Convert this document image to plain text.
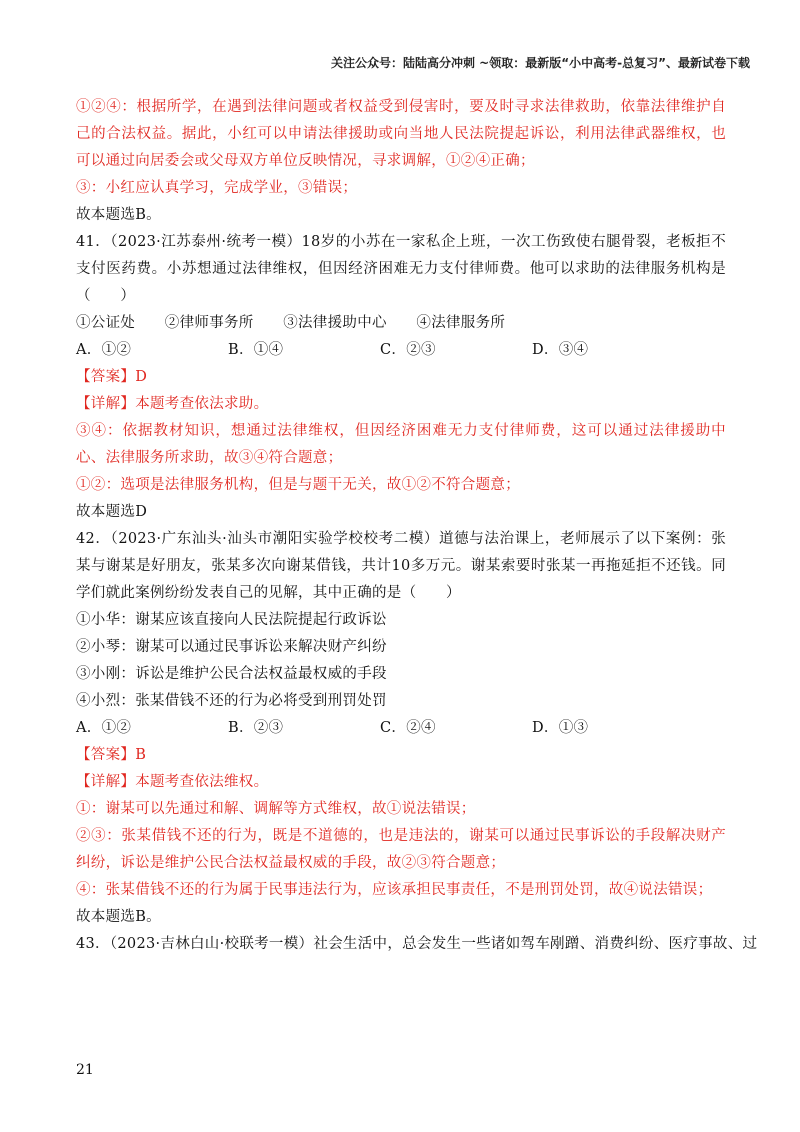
关注公众号：陆陆高分冲刺 ~领取：最新版“小中高考-总复习”、最新试卷下载
①②④：根据所学，在遇到法律问题或者权益受到侵害时，要及时寻求法律救助，依靠法律维护自己的合法权益。据此，小红可以申请法律援助或向当地人民法院提起诉讼，利用法律武器维权，也可以通过向居委会或父母双方单位反映情况，寻求调解，①②④正确；
③：小红应认真学习，完成学业，③错误；
故本题选B。
41．（2023·江苏泰州·统考一模）18岁的小苏在一家私企上班，一次工伤致使右腿骨裂，老板拒不支付医药费。小苏想通过法律维权，但因经济困难无力支付律师费。他可以求助的法律服务机构是（　　）
①公证处　　②律师事务所　　③法律援助中心　　④法律服务所
A．①②	B．①④	C．②③	D．③④
【答案】D
【详解】本题考查依法求助。
③④：依据教材知识，想通过法律维权，但因经济困难无力支付律师费，这可以通过法律援助中心、法律服务所求助，故③④符合题意；
①②：选项是法律服务机构，但是与题干无关，故①②不符合题意；
故本题选D
42．（2023·广东汕头·汕头市潮阳实验学校校考二模）道德与法治课上，老师展示了以下案例：张某与谢某是好朋友，张某多次向谢某借钱，共计10多万元。谢某索要时张某一再拖延拒不还钱。同学们就此案例纷纷发表自己的见解，其中正确的是（　　）
①小华：谢某应该直接向人民法院提起行政诉讼
②小琴：谢某可以通过民事诉讼来解决财产纠纷
③小刚：诉讼是维护公民合法权益最权威的手段
④小烈：张某借钱不还的行为必将受到刑罚处罚
A．①②	B．②③	C．②④	D．①③
【答案】B
【详解】本题考查依法维权。
①：谢某可以先通过和解、调解等方式维权，故①说法错误；
②③：张某借钱不还的行为，既是不道德的，也是违法的，谢某可以通过民事诉讼的手段解决财产纠纷，诉讼是维护公民合法权益最权威的手段，故②③符合题意；
④：张某借钱不还的行为属于民事违法行为，应该承担民事责任，不是刑罚处罚，故④说法错误；
故本题选B。
43．（2023·吉林白山·校联考一模）社会生活中，总会发生一些诸如驾车剐蹭、消费纠纷、医疗事故、过
21
